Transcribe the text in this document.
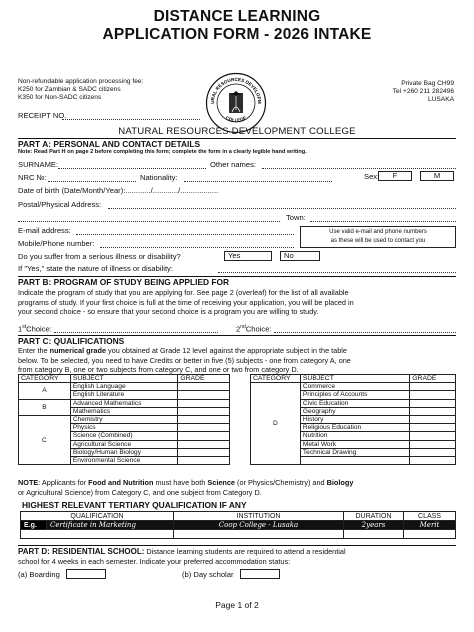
DISTANCE LEARNING
APPLICATION FORM - 2026 INTAKE
Non-refundable application processing fee:
K250 for Zambian & SADC citizens
K350 for Non-SADC citizens
URAL RESOURCES DEVELOPM
COLLEGE
Private Bag CH99
Tel +260 211 282496
LUSAKA
RECEIPT NO.
NATURAL RESOURCES DEVELOPMENT COLLEGE
PART A: PERSONAL AND CONTACT DETAILS
Note: Read Part H on page 2 before completing this form; complete the form in a clearly legible hand writing.
SURNAME:	Other names:
NRC №:	Nationality:	Sex:	F	M
Date of birth (Date/Month/Year):............/............/..................
Postal/Physical Address:
Town:
E-mail address:
Mobile/Phone number:
Use valid e-mail and phone numbers
as these will be used to contact you
Do you suffer from a serious illness or disability?	Yes	No
If "Yes," state the nature of illness or disability:
PART B: PROGRAM OF STUDY BEING APPLIED FOR
Indicate the program of study that you are applying for. See page 2 (overleaf) for the list of all available
programs of study. If your first choice is full at the time of receiving your application, you will be placed in
your second choice - so ensure that your second choice is a program you are willing to study.
1stChoice:	2ndChoice:
PART C: QUALIFICATIONS
Enter the numerical grade you obtained at Grade 12 level against the appropriate subject in the table
below. To be selected, you need to have Credits or better in five (5) subjects - one from category A, one
from category B, one or two subjects from category C, and one or two from category D.
CATEGORY	SUBJECT	GRADE
A	English Language	
	English Literature	
B	Advanced Mathematics	
	Mathematics	
C	Chemistry	
	Physics	
	Science (Combined)	
	Agricultural Science	
	Biology/Human Biology	
	Environmental Science	
CATEGORY	SUBJECT	GRADE
D	Commerce	
	Principles of Accounts	
	Civic Education	
	Geography	
	History	
	Religious Education	
	Nutrition	
	Metal Work	
	Technical Drawing	

NOTE: Applicants for Food and Nutrition must have both Science (or Physics/Chemistry) and Biology
or Agricultural Science) from Category C, and one subject from Category D.
HIGHEST RELEVANT TERTIARY QUALIFICATION IF ANY
QUALIFICATION		INSTITUTION	DURATION	CLASS
E.g.	Certificate in Marketing	Coop College - Lusaka	2years	Merit

PART D: RESIDENTIAL SCHOOL: Distance learning students are required to attend a residential
school for 4 weeks in each semester. Indicate your preferred accommodation status:
(a) Boarding	(b) Day scholar
Page 1 of 2
